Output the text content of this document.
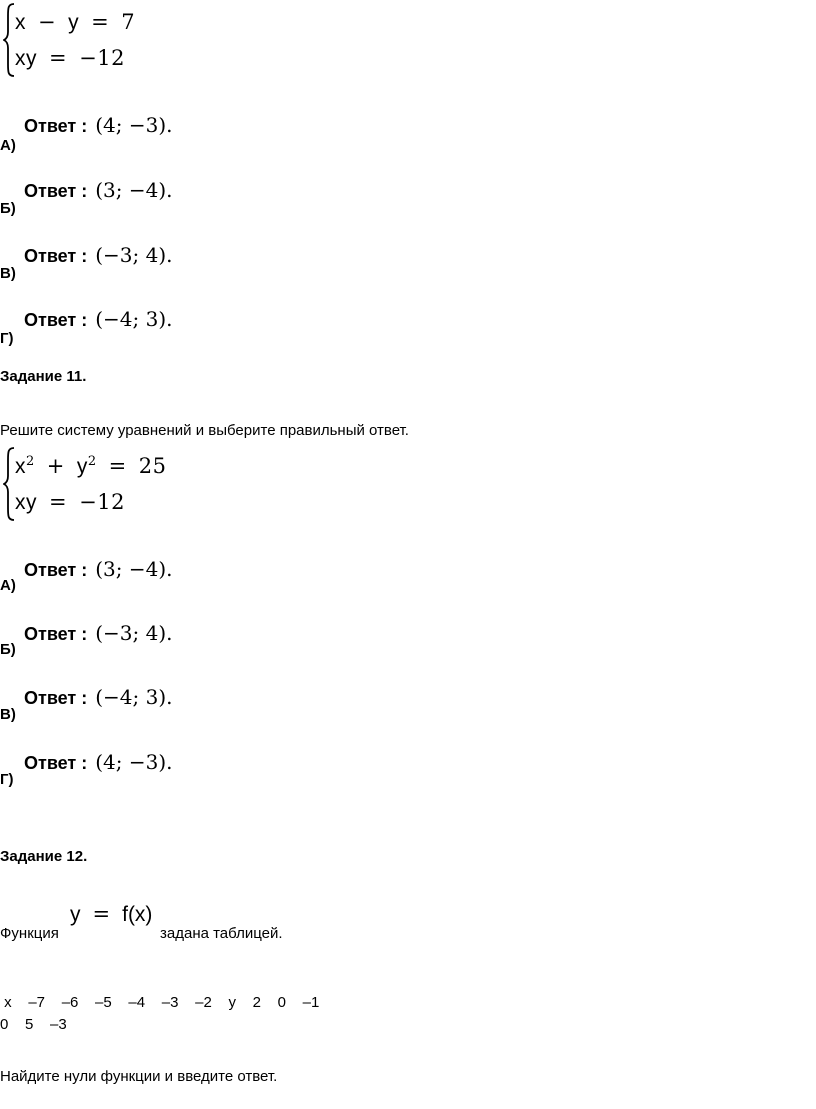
x − y = 7
xy = −12
Ответ : (4; −3).
А)
Ответ : (3; −4).
Б)
Ответ : (−3; 4).
В)
Ответ : (−4; 3).
Г)
Задание 11.
Решите систему уравнений и выберите правильный ответ.
$x^2 + y^2 = 25$
xy = −12
Ответ : (3; −4).
А)
Ответ : (−3; 4).
Б)
Ответ : (−4; 3).
В)
Ответ : (4; −3).
Г)
Задание 12.
Функция
y = f(x)
задана таблицей.
x    –7    –6    –5    –4    –3    –2    y    2    0    –1
0    5    –3
Найдите нули функции и введите ответ.
